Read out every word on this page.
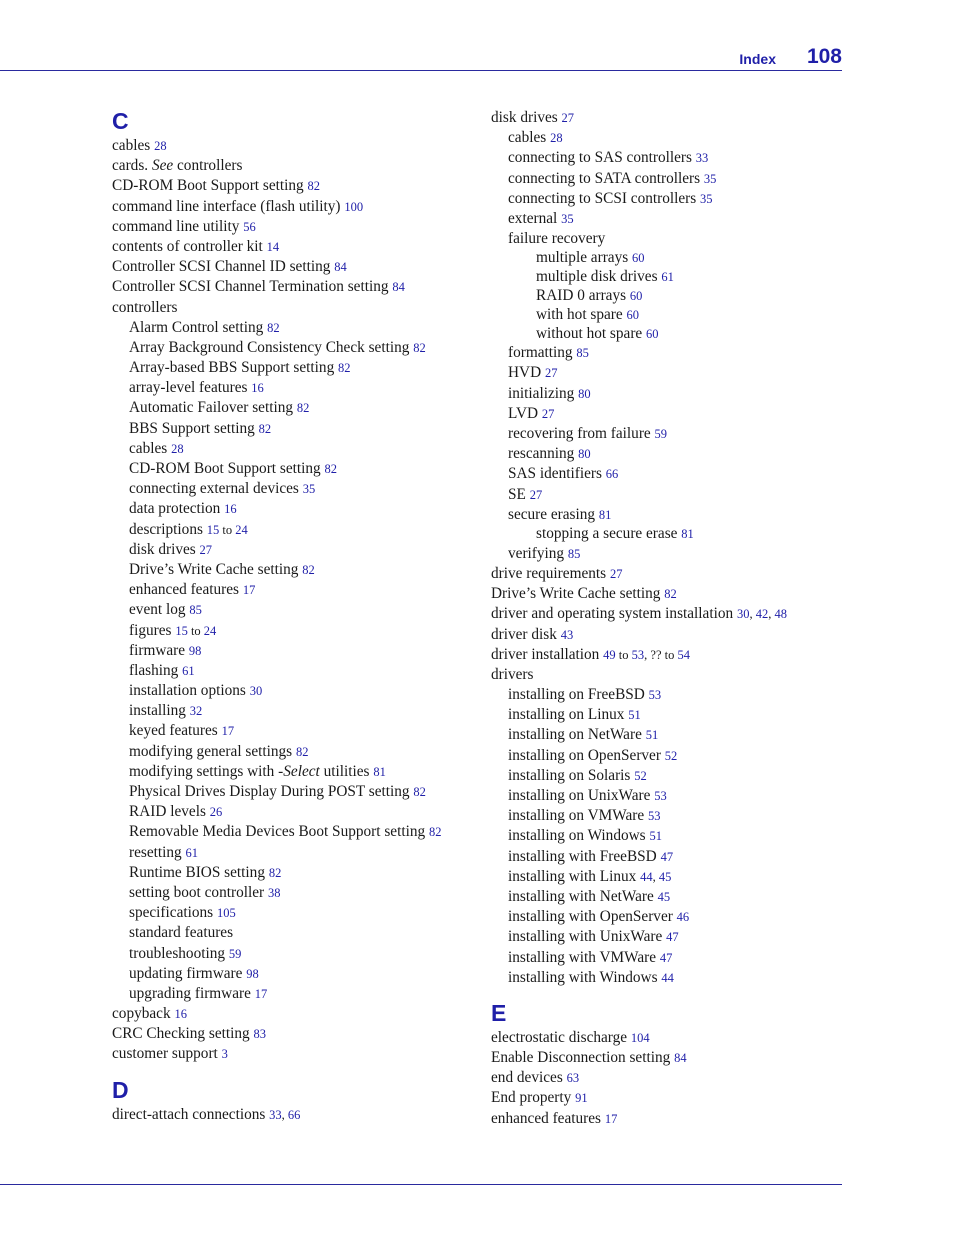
Index 108
C
cables 28
cards. See controllers
CD-ROM Boot Support setting 82
command line interface (flash utility) 100
command line utility 56
contents of controller kit 14
Controller SCSI Channel ID setting 84
Controller SCSI Channel Termination setting 84
controllers
Alarm Control setting 82
Array Background Consistency Check setting 82
Array-based BBS Support setting 82
array-level features 16
Automatic Failover setting 82
BBS Support setting 82
cables 28
CD-ROM Boot Support setting 82
connecting external devices 35
data protection 16
descriptions 15 to 24
disk drives 27
Drive’s Write Cache setting 82
enhanced features 17
event log 85
figures 15 to 24
firmware 98
flashing 61
installation options 30
installing 32
keyed features 17
modifying general settings 82
modifying settings with -Select utilities 81
Physical Drives Display During POST setting 82
RAID levels 26
Removable Media Devices Boot Support setting 82
resetting 61
Runtime BIOS setting 82
setting boot controller 38
specifications 105
standard features
troubleshooting 59
updating firmware 98
upgrading firmware 17
copyback 16
CRC Checking setting 83
customer support 3
D
direct-attach connections 33, 66
disk drives 27
cables 28
connecting to SAS controllers 33
connecting to SATA controllers 35
connecting to SCSI controllers 35
external 35
failure recovery
multiple arrays 60
multiple disk drives 61
RAID 0 arrays 60
with hot spare 60
without hot spare 60
formatting 85
HVD 27
initializing 80
LVD 27
recovering from failure 59
rescanning 80
SAS identifiers 66
SE 27
secure erasing 81
stopping a secure erase 81
verifying 85
drive requirements 27
Drive’s Write Cache setting 82
driver and operating system installation 30, 42, 48
driver disk 43
driver installation 49 to 53, ?? to 54
drivers
installing on FreeBSD 53
installing on Linux 51
installing on NetWare 51
installing on OpenServer 52
installing on Solaris 52
installing on UnixWare 53
installing on VMWare 53
installing on Windows 51
installing with FreeBSD 47
installing with Linux 44, 45
installing with NetWare 45
installing with OpenServer 46
installing with UnixWare 47
installing with VMWare 47
installing with Windows 44
E
electrostatic discharge 104
Enable Disconnection setting 84
end devices 63
End property 91
enhanced features 17
